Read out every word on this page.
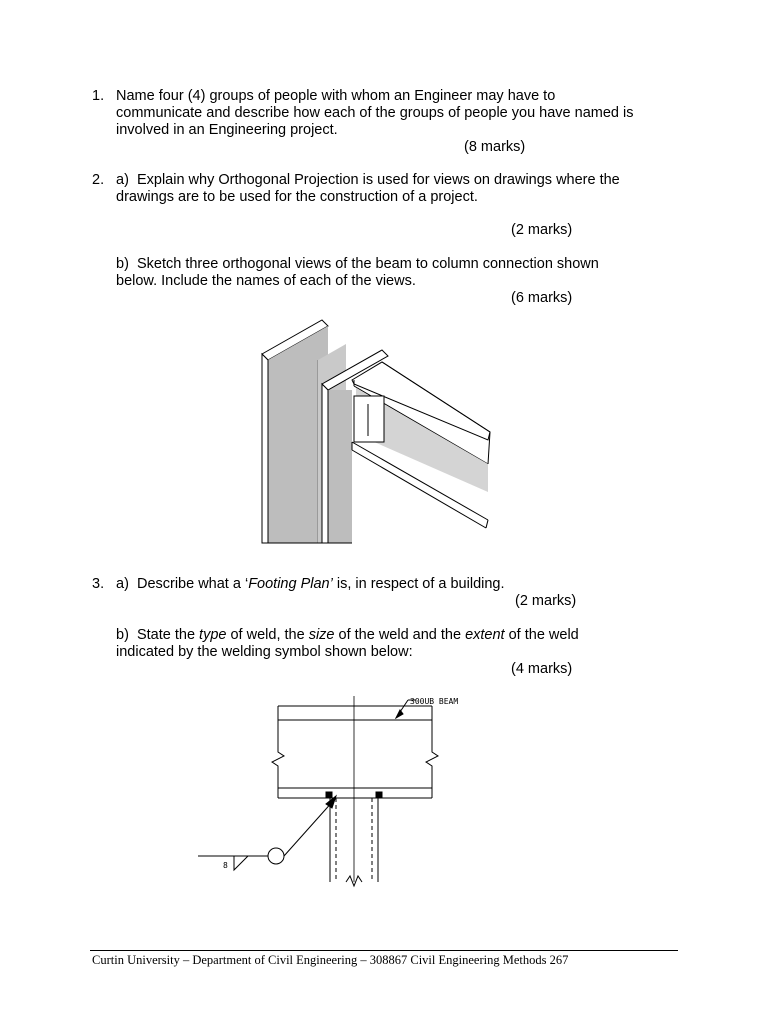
1. Name four (4) groups of people with whom an Engineer may have to
communicate and describe how each of the groups of people you have named is
involved in an Engineering project.
(8 marks)
2. a) Explain why Orthogonal Projection is used for views on drawings where the
drawings are to be used for the construction of a project.
(2 marks)
b) Sketch three orthogonal views of the beam to column connection shown
below. Include the names of each of the views.
(6 marks)
3. a) Describe what a ‘Footing Plan’ is, in respect of a building.
(2 marks)
b) State the type of weld, the size of the weld and the extent of the weld
indicated by the welding symbol shown below:
(4 marks)
300UB BEAM
8
Curtin University – Department of Civil Engineering – 308867 Civil Engineering Methods 267
